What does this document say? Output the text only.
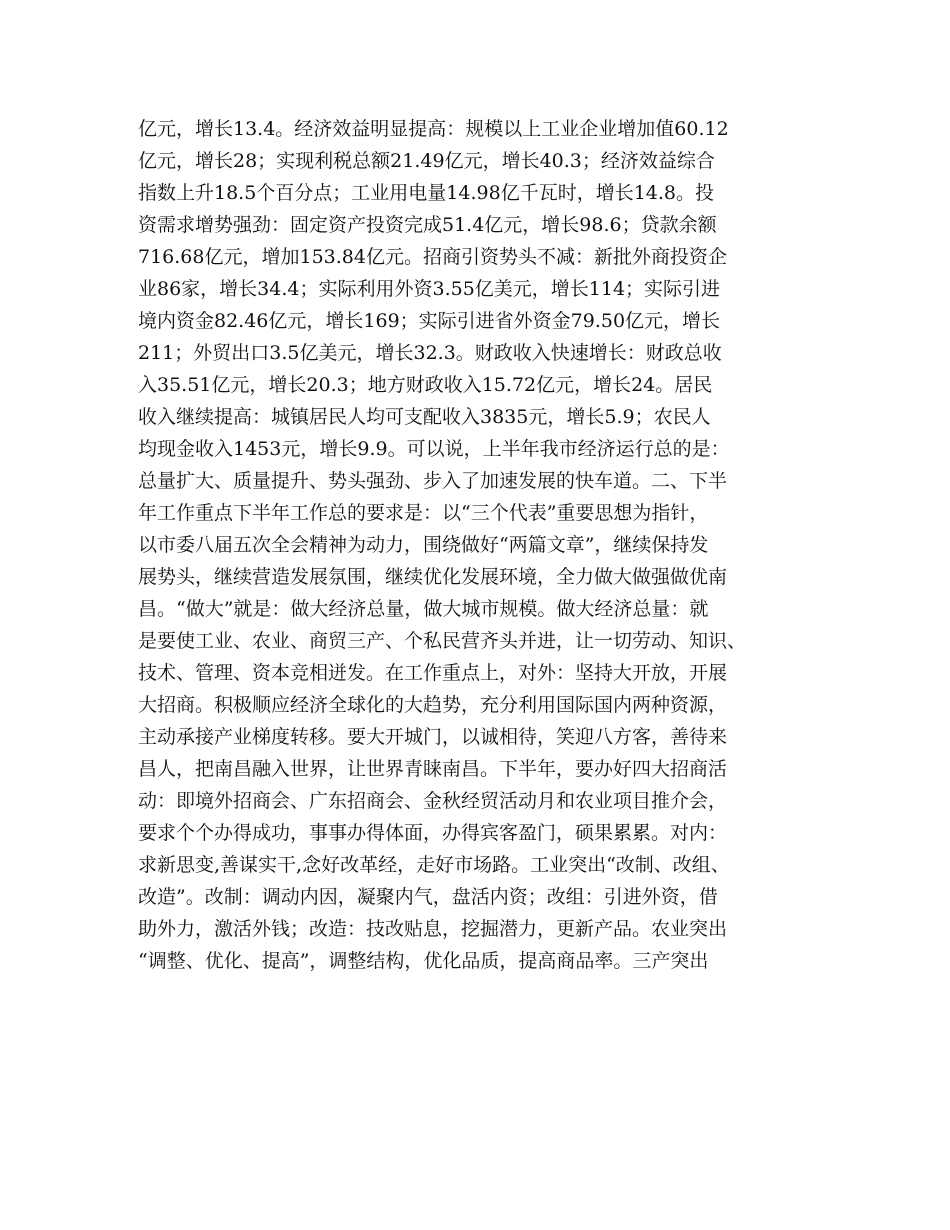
亿元，增长13.4。经济效益明显提高：规模以上工业企业增加值60.12
亿元，增长28；实现利税总额21.49亿元，增长40.3；经济效益综合
指数上升18.5个百分点；工业用电量14.98亿千瓦时，增长14.8。投
资需求增势强劲：固定资产投资完成51.4亿元，增长98.6；贷款余额
716.68亿元，增加153.84亿元。招商引资势头不减：新批外商投资企
业86家，增长34.4；实际利用外资3.55亿美元，增长114；实际引进
境内资金82.46亿元，增长169；实际引进省外资金79.50亿元，增长
211；外贸出口3.5亿美元，增长32.3。财政收入快速增长：财政总收
入35.51亿元，增长20.3；地方财政收入15.72亿元，增长24。居民
收入继续提高：城镇居民人均可支配收入3835元，增长5.9；农民人
均现金收入1453元，增长9.9。可以说，上半年我市经济运行总的是：
总量扩大、质量提升、势头强劲、步入了加速发展的快车道。二、下半
年工作重点下半年工作总的要求是：以“三个代表”重要思想为指针，
以市委八届五次全会精神为动力，围绕做好“两篇文章”，继续保持发
展势头，继续营造发展氛围，继续优化发展环境，全力做大做强做优南
昌。“做大”就是：做大经济总量，做大城市规模。做大经济总量：就
是要使工业、农业、商贸三产、个私民营齐头并进，让一切劳动、知识、
技术、管理、资本竞相迸发。在工作重点上，对外：坚持大开放，开展
大招商。积极顺应经济全球化的大趋势，充分利用国际国内两种资源，
主动承接产业梯度转移。要大开城门，以诚相待，笑迎八方客，善待来
昌人，把南昌融入世界，让世界青睐南昌。下半年，要办好四大招商活
动：即境外招商会、广东招商会、金秋经贸活动月和农业项目推介会，
要求个个办得成功，事事办得体面，办得宾客盈门，硕果累累。对内：
求新思变,善谋实干,念好改革经，走好市场路。工业突出“改制、改组、
改造”。改制：调动内因，凝聚内气，盘活内资；改组：引进外资，借
助外力，激活外钱；改造：技改贴息，挖掘潜力，更新产品。农业突出
“调整、优化、提高”，调整结构，优化品质，提高商品率。三产突出
